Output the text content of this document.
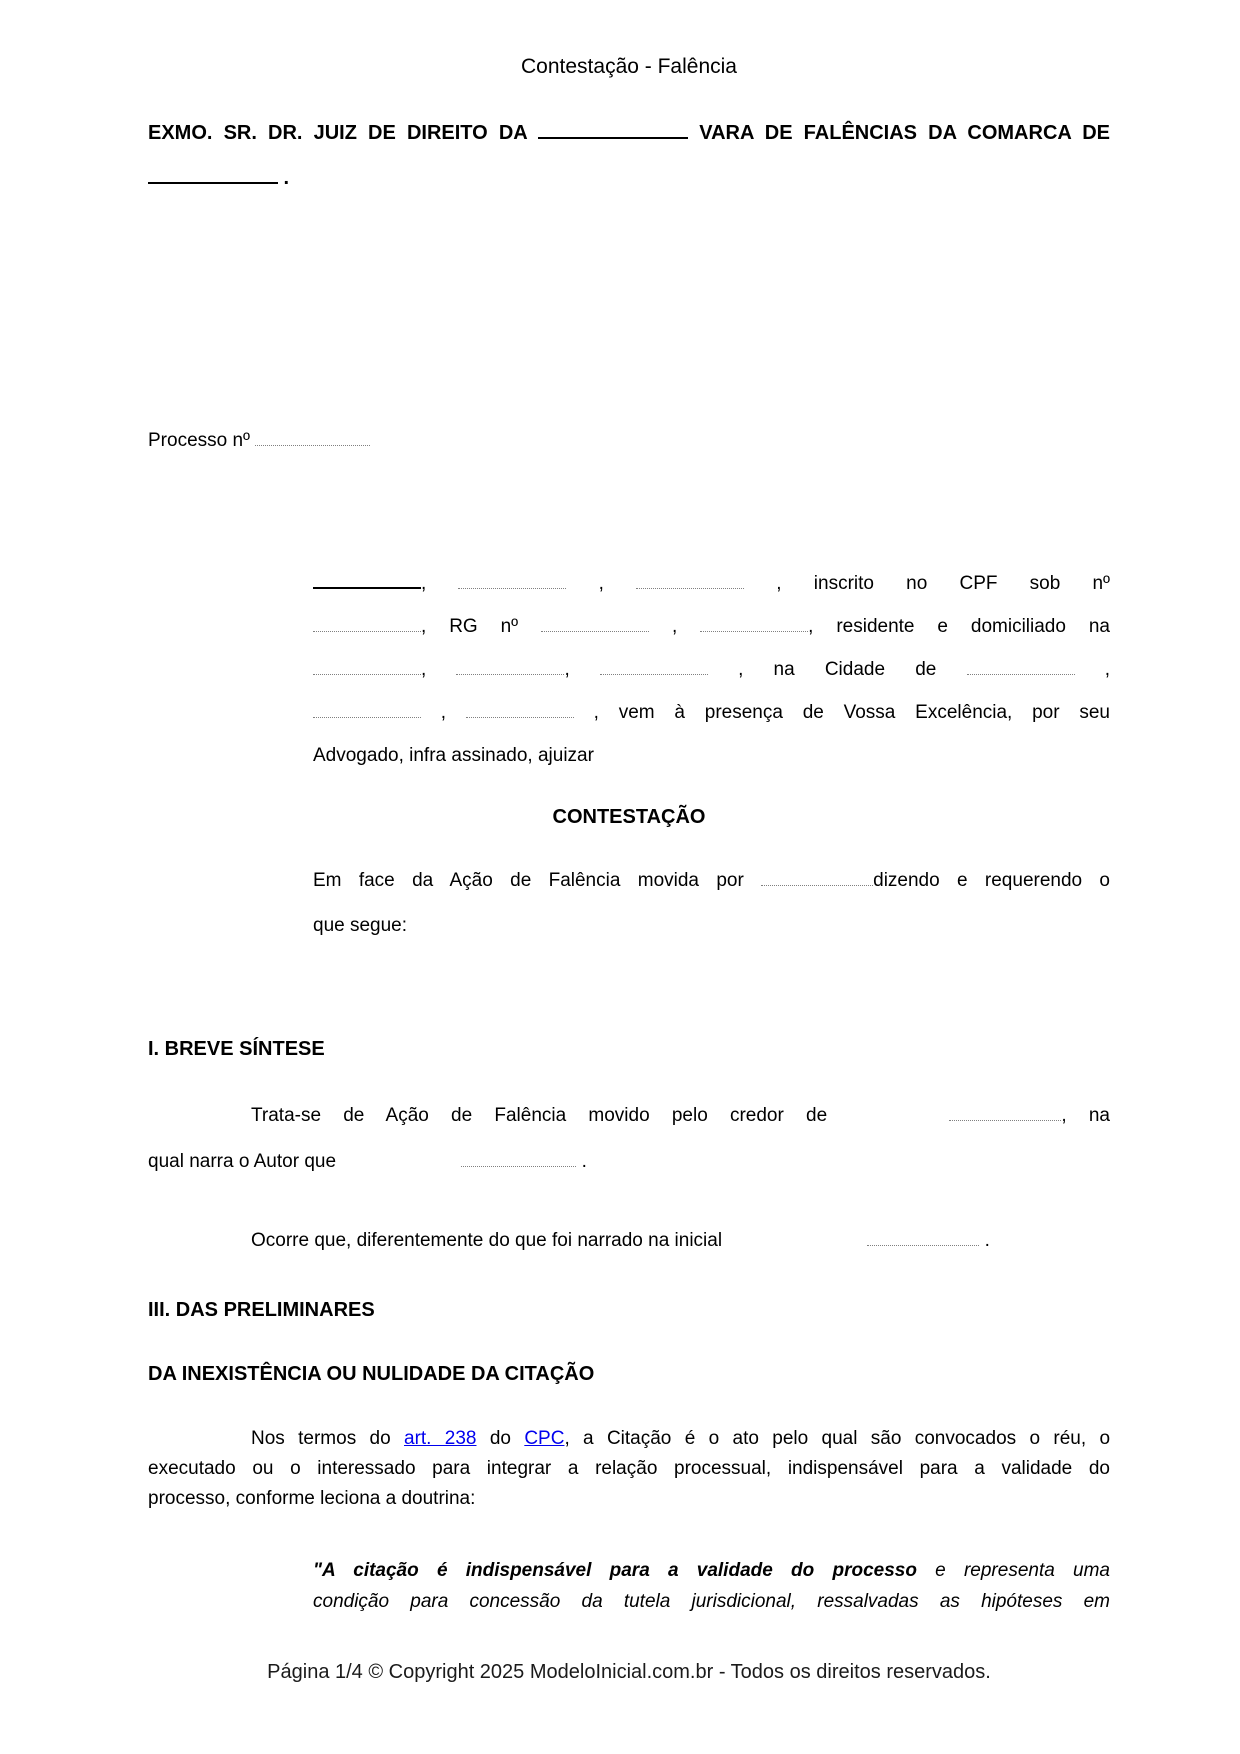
Contestação - Falência
EXMO. SR. DR. JUIZ DE DIREITO DA	VARA DE FALÊNCIAS DA COMARCA DE
.
Processo nº
,	,	, inscrito no CPF sob nº
, RG nº	,	, residente e domiciliado na
,	,	, na Cidade de	,
,	, vem à presença de Vossa Excelência, por seu
Advogado, infra assinado, ajuizar
CONTESTAÇÃO
Em face da Ação de Falência movida por	dizendo e requerendo o
que segue:
I. BREVE SÍNTESE
Trata-se de Ação de Falência movido pelo credor de	, na
qual narra o Autor que	.
Ocorre que, diferentemente do que foi narrado na inicial	.
III. DAS PRELIMINARES
DA INEXISTÊNCIA OU NULIDADE DA CITAÇÃO
Nos termos do art. 238 do CPC, a Citação é o ato pelo qual são convocados o réu, o
executado ou o interessado para integrar a relação processual, indispensável para a validade do
processo, conforme leciona a doutrina:
"A citação é indispensável para a validade do processo e representa uma
condição para concessão da tutela jurisdicional, ressalvadas as hipóteses em
Página 1/4 © Copyright 2025 ModeloInicial.com.br - Todos os direitos reservados.
